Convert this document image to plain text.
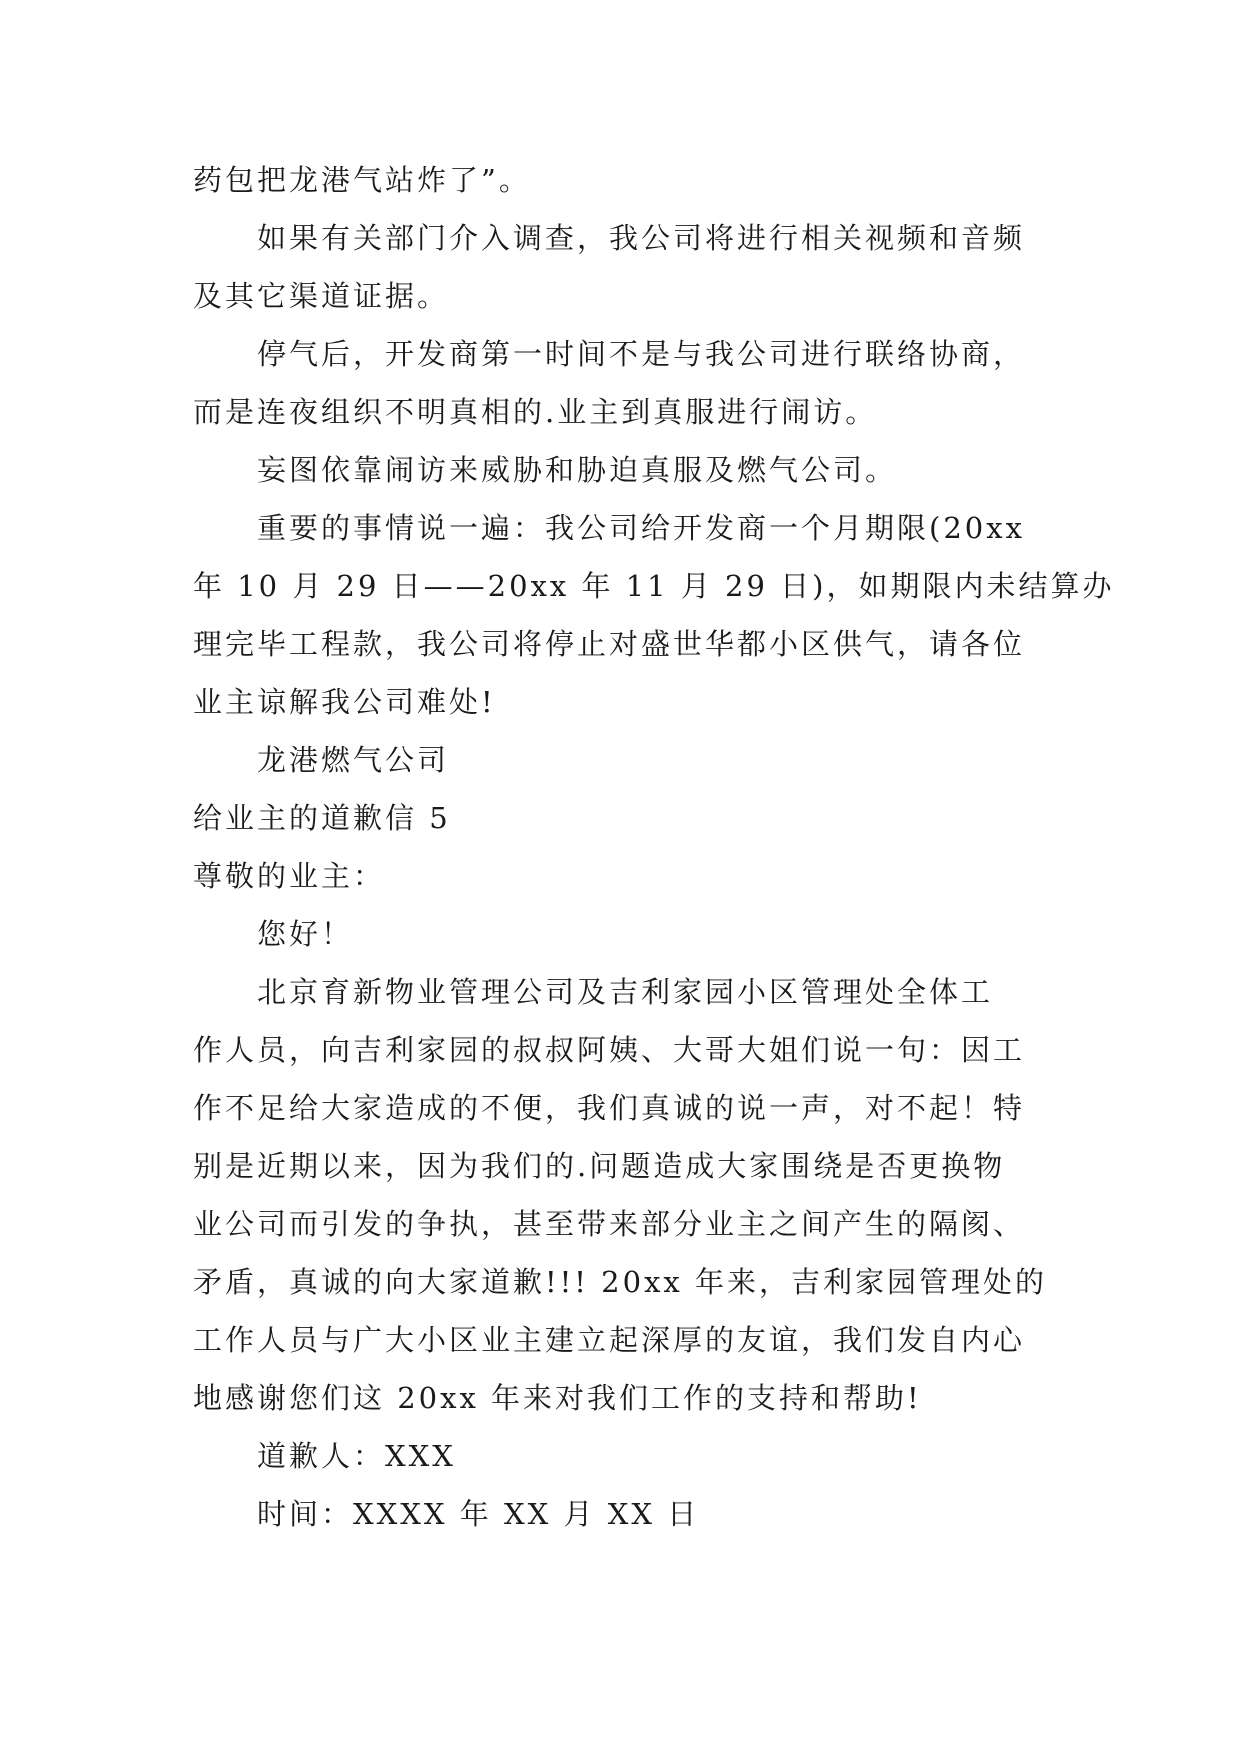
药包把龙港气站炸了”。

如果有关部门介入调查，我公司将进行相关视频和音频

及其它渠道证据。

停气后，开发商第一时间不是与我公司进行联络协商，

而是连夜组织不明真相的.业主到真服进行闹访。

妄图依靠闹访来威胁和胁迫真服及燃气公司。

重要的事情说一遍：我公司给开发商一个月期限(20xx

年 10 月 29 日——20xx 年 11 月 29 日)，如期限内未结算办

理完毕工程款，我公司将停止对盛世华都小区供气，请各位

业主谅解我公司难处!

龙港燃气公司

给业主的道歉信 5

尊敬的业主：

您好！

北京育新物业管理公司及吉利家园小区管理处全体工

作人员，向吉利家园的叔叔阿姨、大哥大姐们说一句：因工

作不足给大家造成的不便，我们真诚的说一声，对不起！特

别是近期以来，因为我们的.问题造成大家围绕是否更换物

业公司而引发的争执，甚至带来部分业主之间产生的隔阂、

矛盾，真诚的向大家道歉!!! 20xx 年来，吉利家园管理处的

工作人员与广大小区业主建立起深厚的友谊，我们发自内心

地感谢您们这 20xx 年来对我们工作的支持和帮助!

道歉人：XXX

时间：XXXX 年 XX 月 XX 日
